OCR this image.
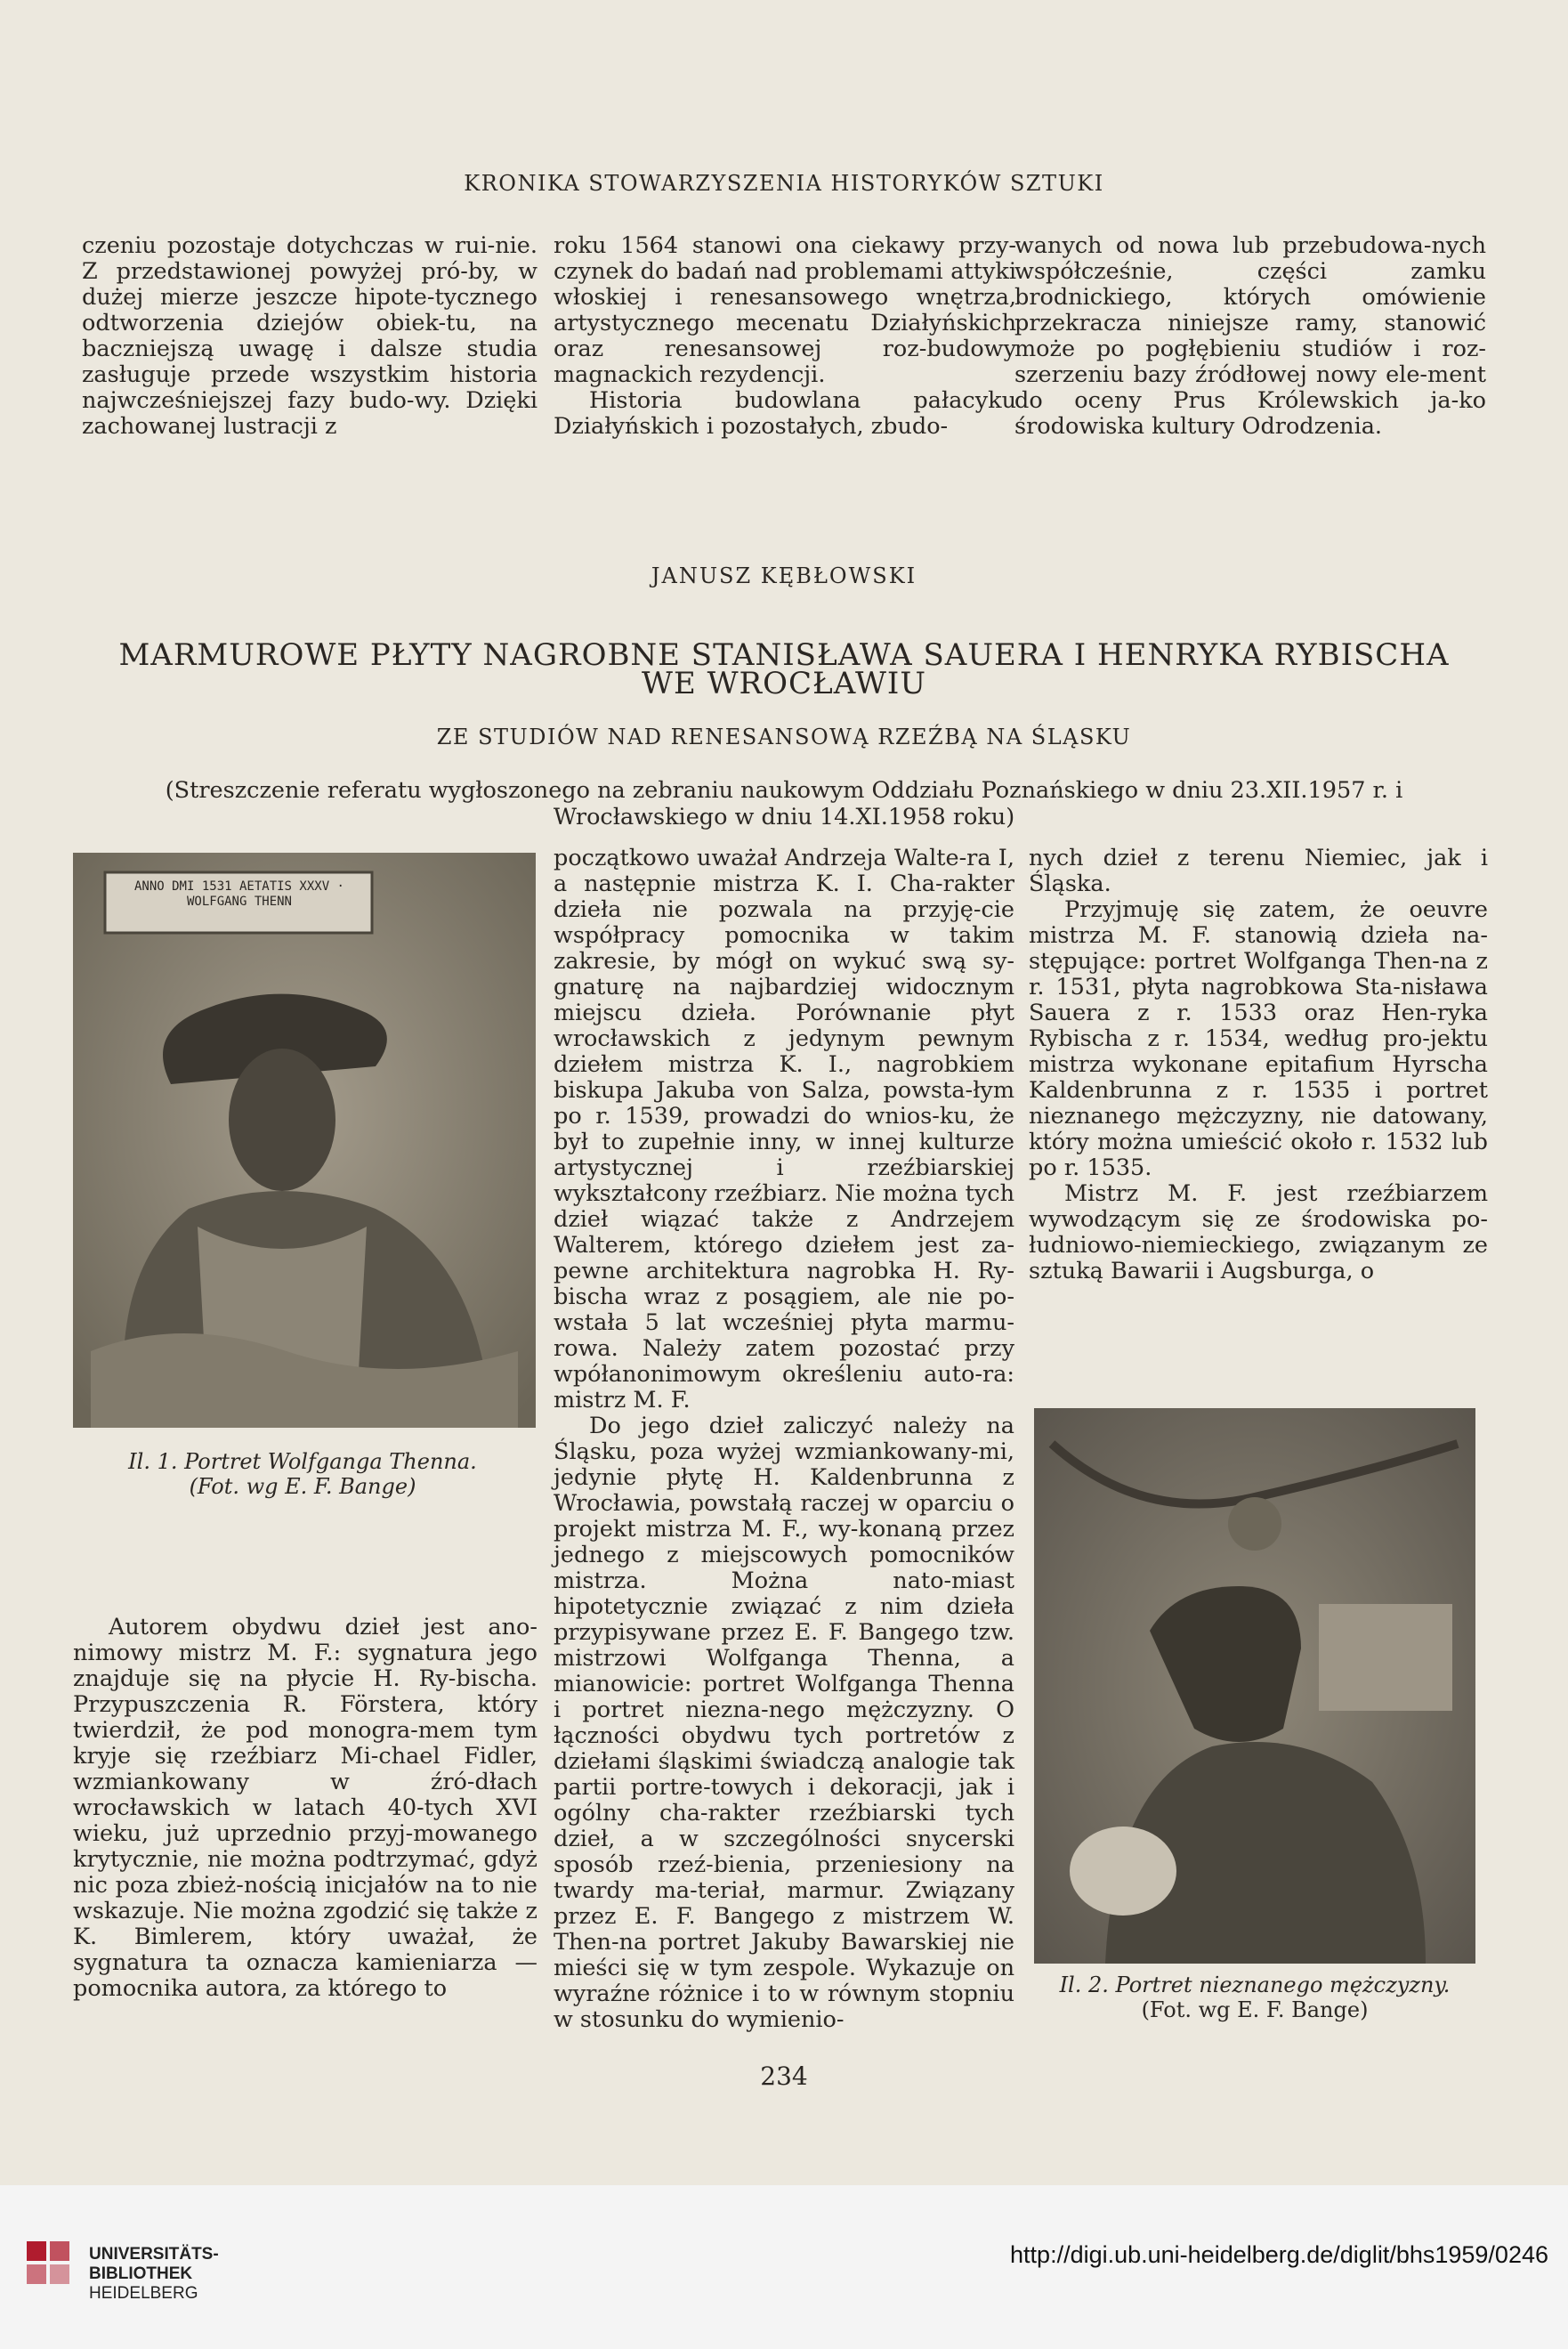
KRONIKA STOWARZYSZENIA HISTORYKÓW SZTUKI

czeniu pozostaje dotychczas w rui-nie. Z przedstawionej powyżej pró-by, w dużej mierze jeszcze hipote-tycznego odtworzenia dziejów obiek-tu, na baczniejszą uwagę i dalsze studia zasługuje przede wszystkim historia najwcześniejszej fazy budo-wy. Dzięki zachowanej lustracji z

roku 1564 stanowi ona ciekawy przy-czynek do badań nad problemami attyki włoskiej i renesansowego wnętrza, artystycznego mecenatu Działyńskich oraz renesansowej roz-budowy magnackich rezydencji.

Historia budowlana pałacyku Działyńskich i pozostałych, zbudo-

wanych od nowa lub przebudowa-nych współcześnie, części zamku brodnickiego, których omówienie przekracza niniejsze ramy, stanowić może po pogłębieniu studiów i roz-szerzeniu bazy źródłowej nowy ele-ment do oceny Prus Królewskich ja-ko środowiska kultury Odrodzenia.

JANUSZ KĘBŁOWSKI
MARMUROWE PŁYTY NAGROBNE STANISŁAWA SAUERA I HENRYKA RYBISCHA
WE WROCŁAWIU
ZE STUDIÓW NAD RENESANSOWĄ RZEŹBĄ NA ŚLĄSKU
(Streszczenie referatu wygłoszonego na zebraniu naukowym Oddziału Poznańskiego w dniu 23.XII.1957 r. i Wrocławskiego w dniu 14.XI.1958 roku)
ANNO DMI 1531 AETATIS XXXV · WOLFGANG THENN
Il. 1. Portret Wolfganga Thenna.
(Fot. wg E. F. Bange)

Autorem obydwu dzieł jest ano-nimowy mistrz M. F.: sygnatura jego znajduje się na płycie H. Ry-bischa. Przypuszczenia R. Förstera, który twierdził, że pod monogra-mem tym kryje się rzeźbiarz Mi-chael Fidler, wzmiankowany w źró-dłach wrocławskich w latach 40-tych XVI wieku, już uprzednio przyj-mowanego krytycznie, nie można podtrzymać, gdyż nic poza zbież-nością inicjałów na to nie wskazuje. Nie można zgodzić się także z K. Bimlerem, który uważał, że sygnatura ta oznacza kamieniarza — pomocnika autora, za którego to

początkowo uważał Andrzeja Walte-ra I, a następnie mistrza K. I. Cha-rakter dzieła nie pozwala na przyję-cie współpracy pomocnika w takim zakresie, by mógł on wykuć swą sy-gnaturę na najbardziej widocznym miejscu dzieła. Porównanie płyt wrocławskich z jedynym pewnym dziełem mistrza K. I., nagrobkiem biskupa Jakuba von Salza, powsta-łym po r. 1539, prowadzi do wnios-ku, że był to zupełnie inny, w innej kulturze artystycznej i rzeźbiarskiej wykształcony rzeźbiarz. Nie można tych dzieł wiązać także z Andrzejem Walterem, którego dziełem jest za-pewne architektura nagrobka H. Ry-bischa wraz z posągiem, ale nie po-wstała 5 lat wcześniej płyta marmu-rowa. Należy zatem pozostać przy wpółanonimowym określeniu auto-ra: mistrz M. F.

Do jego dzieł zaliczyć należy na Śląsku, poza wyżej wzmiankowany-mi, jedynie płytę H. Kaldenbrunna z Wrocławia, powstałą raczej w oparciu o projekt mistrza M. F., wy-konaną przez jednego z miejscowych pomocników mistrza. Można nato-miast hipotetycznie związać z nim dzieła przypisywane przez E. F. Bangego tzw. mistrzowi Wolfganga Thenna, a mianowicie: portret Wolfganga Thenna i portret niezna-nego mężczyzny. O łączności obydwu tych portretów z dziełami śląskimi świadczą analogie tak partii portre-towych i dekoracji, jak i ogólny cha-rakter rzeźbiarski tych dzieł, a w szczególności snycerski sposób rzeź-bienia, przeniesiony na twardy ma-teriał, marmur. Związany przez E. F. Bangego z mistrzem W. Then-na portret Jakuby Bawarskiej nie mieści się w tym zespole. Wykazuje on wyraźne różnice i to w równym stopniu w stosunku do wymienio-

nych dzieł z terenu Niemiec, jak i Śląska.

Przyjmuję się zatem, że oeuvre mistrza M. F. stanowią dzieła na-stępujące: portret Wolfganga Then-na z r. 1531, płyta nagrobkowa Sta-nisława Sauera z r. 1533 oraz Hen-ryka Rybischa z r. 1534, według pro-jektu mistrza wykonane epitafium Hyrscha Kaldenbrunna z r. 1535 i portret nieznanego mężczyzny, nie datowany, który można umieścić około r. 1532 lub po r. 1535.

Mistrz M. F. jest rzeźbiarzem wywodzącym się ze środowiska po-łudniowo-niemieckiego, związanym ze sztuką Bawarii i Augsburga, o

Il. 2. Portret nieznanego mężczyzny.
(Fot. wg E. F. Bange)
234
UNIVERSITÄTS-
BIBLIOTHEK
HEIDELBERG
http://digi.ub.uni-heidelberg.de/diglit/bhs1959/0246
